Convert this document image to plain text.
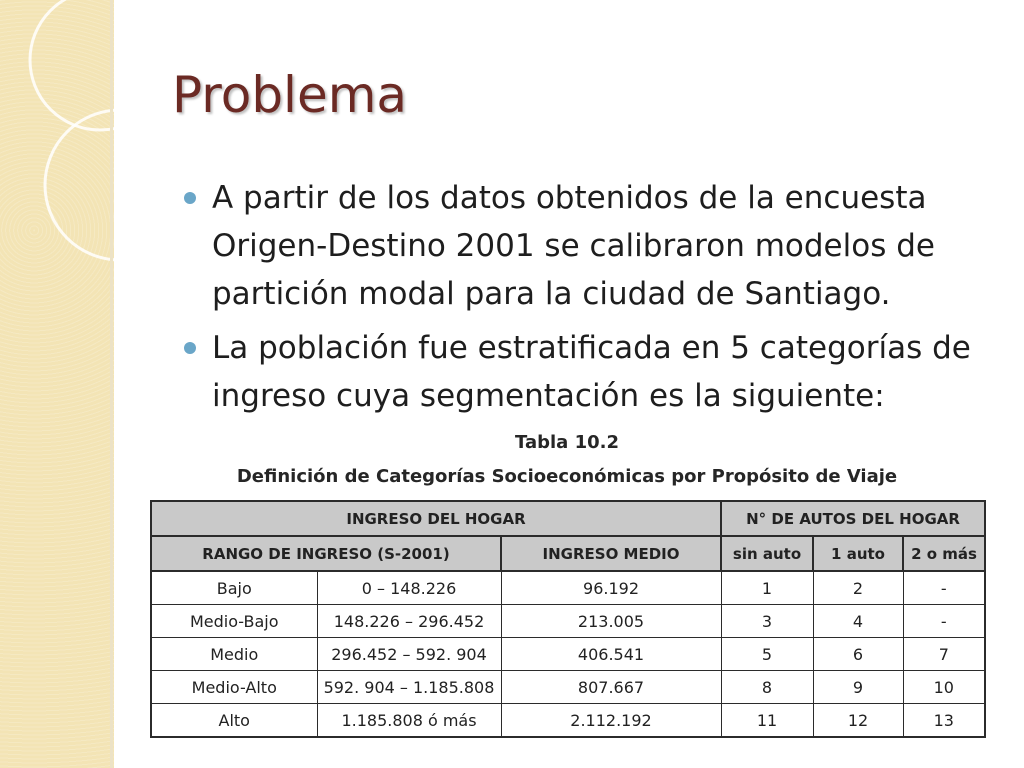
Problema
A partir de los datos obtenidos de la encuesta Origen-Destino 2001 se calibraron modelos de partición modal para la ciudad de Santiago.
La población fue estratificada en 5 categorías de ingreso cuya segmentación es la siguiente:
Tabla 10.2
Definición de Categorías Socioeconómicas por Propósito de Viaje
INGRESO DEL HOGAR			N° DE AUTOS DEL HOGAR		
RANGO DE INGRESO (S-2001)		INGRESO MEDIO	sin auto	1 auto	2 o más
Bajo	0 – 148.226	96.192	1	2	-
Medio-Bajo	148.226 – 296.452	213.005	3	4	-
Medio	296.452 – 592. 904	406.541	5	6	7
Medio-Alto	592. 904 – 1.185.808	807.667	8	9	10
Alto	1.185.808 ó más	2.112.192	11	12	13
